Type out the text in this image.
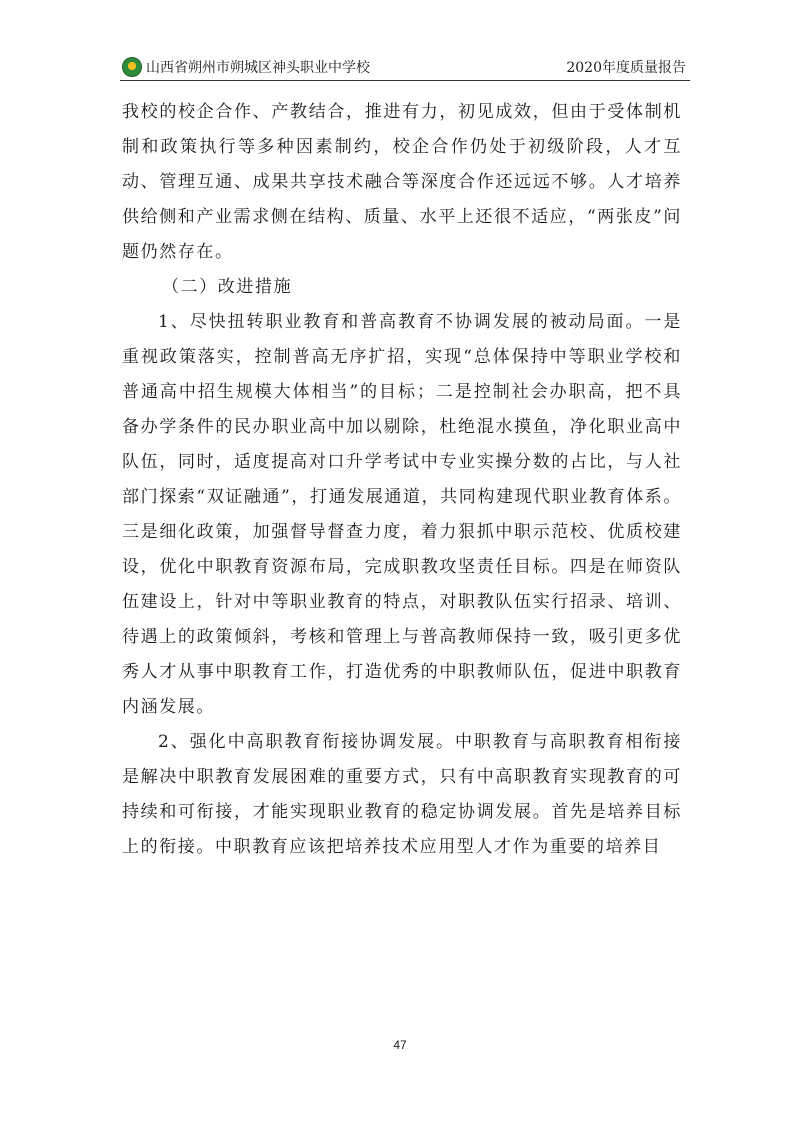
山西省朔州市朔城区神头职业中学校	2020年度质量报告

我校的校企合作、产教结合，推进有力，初见成效，但由于受体制机制和政策执行等多种因素制约，校企合作仍处于初级阶段，人才互动、管理互通、成果共享技术融合等深度合作还远远不够。人才培养供给侧和产业需求侧在结构、质量、水平上还很不适应，“两张皮”问题仍然存在。

（二）改进措施

1、尽快扭转职业教育和普高教育不协调发展的被动局面。一是重视政策落实，控制普高无序扩招，实现“总体保持中等职业学校和普通高中招生规模大体相当”的目标；二是控制社会办职高，把不具备办学条件的民办职业高中加以剔除，杜绝混水摸鱼，净化职业高中队伍，同时，适度提高对口升学考试中专业实操分数的占比，与人社部门探索“双证融通”，打通发展通道，共同构建现代职业教育体系。三是细化政策，加强督导督查力度，着力狠抓中职示范校、优质校建设，优化中职教育资源布局，完成职教攻坚责任目标。四是在师资队伍建设上，针对中等职业教育的特点，对职教队伍实行招录、培训、待遇上的政策倾斜，考核和管理上与普高教师保持一致，吸引更多优秀人才从事中职教育工作，打造优秀的中职教师队伍，促进中职教育内涵发展。

2、强化中高职教育衔接协调发展。中职教育与高职教育相衔接是解决中职教育发展困难的重要方式，只有中高职教育实现教育的可持续和可衔接，才能实现职业教育的稳定协调发展。首先是培养目标上的衔接。中职教育应该把培养技术应用型人才作为重要的培养目

47
